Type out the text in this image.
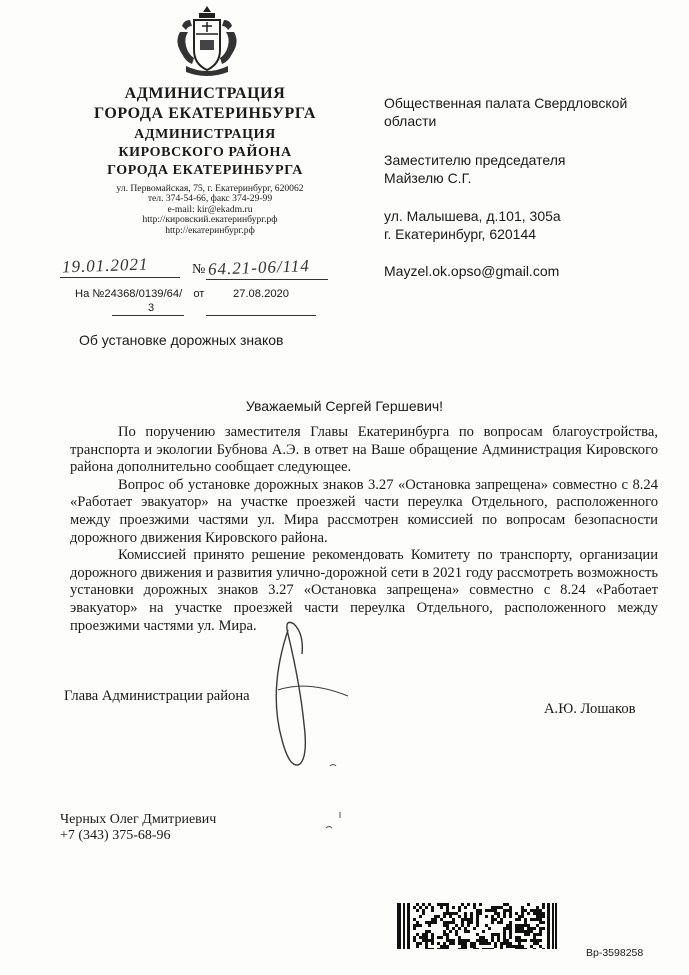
АДМИНИСТРАЦИЯ
ГОРОДА ЕКАТЕРИНБУРГА
АДМИНИСТРАЦИЯ
КИРОВСКОГО РАЙОНА
ГОРОДА ЕКАТЕРИНБУРГА
ул. Первомайская, 75, г. Екатеринбург, 620062
тел. 374-54-66, факс 374-29-99
e-mail: kir@ekadm.ru
http://кировский.екатеринбург.рф
http://екатеринбург.рф
19.01.2021	№ 64.21-06/114
На №24368/0139/64/ от	27.08.2020
3
Об установке дорожных знаков
Общественная палата Свердловской
области
Заместителю председателя
Майзелю С.Г.
ул. Малышева, д.101, 305а
г. Екатеринбург, 620144
Mayzel.ok.opso@gmail.com
Уважаемый Сергей Гершевич!

По поручению заместителя Главы Екатеринбурга по вопросам благоустройства, транспорта и экологии Бубнова А.Э. в ответ на Ваше обращение Администрация Кировского района дополнительно сообщает следующее.

Вопрос об установке дорожных знаков 3.27 «Остановка запрещена» совместно с 8.24 «Работает эвакуатор» на участке проезжей части переулка Отдельного, расположенного между проезжими частями ул. Мира рассмотрен комиссией по вопросам безопасности дорожного движения Кировского района.

Комиссией принято решение рекомендовать Комитету по транспорту, организации дорожного движения и развития улично-дорожной сети в 2021 году рассмотреть возможность установки дорожных знаков 3.27 «Остановка запрещена» совместно с 8.24 «Работает эвакуатор» на участке проезжей части переулка Отдельного, расположенного между проезжими частями ул. Мира.

Глава Администрации района
А.Ю. Лошаков
Черных Олег Дмитриевич
+7 (343) 375-68-96
Вр-3598258
